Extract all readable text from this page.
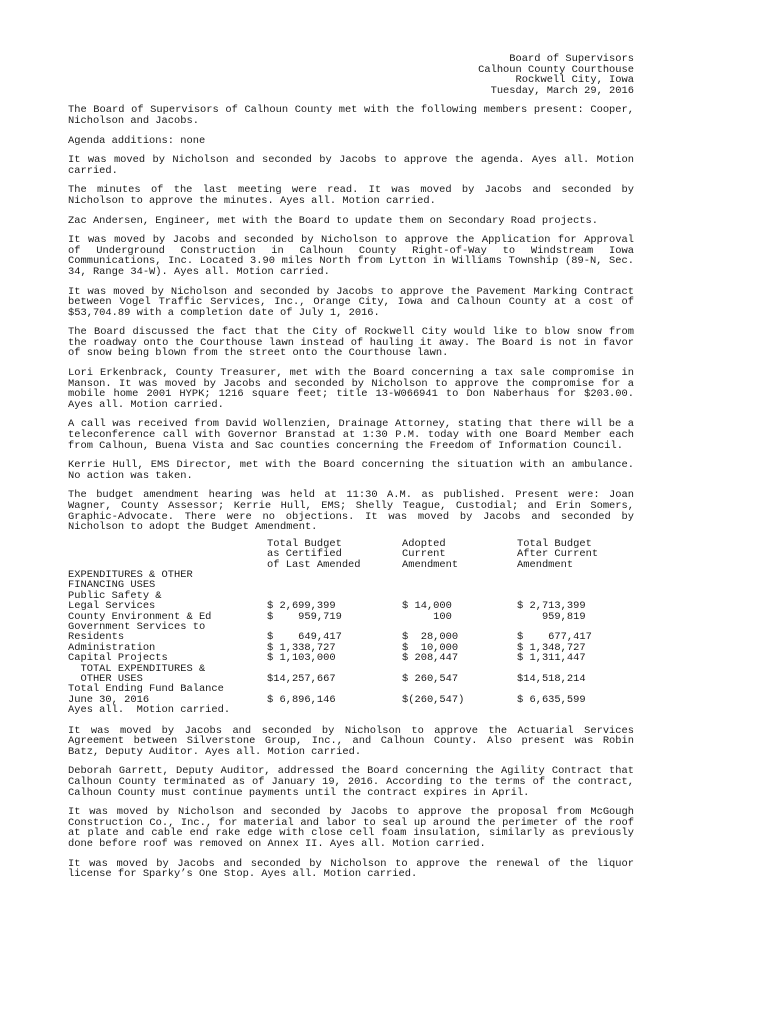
Board of Supervisors
Calhoun County Courthouse
Rockwell City, Iowa
Tuesday, March 29, 2016

The Board of Supervisors of Calhoun County met with the following members present: Cooper, Nicholson and Jacobs.

Agenda additions: none

It was moved by Nicholson and seconded by Jacobs to approve the agenda. Ayes all. Motion carried.

The minutes of the last meeting were read. It was moved by Jacobs and seconded by Nicholson to approve the minutes. Ayes all. Motion carried.

Zac Andersen, Engineer, met with the Board to update them on Secondary Road projects.

It was moved by Jacobs and seconded by Nicholson to approve the Application for Approval of Underground Construction in Calhoun County Right-of-Way to Windstream Iowa Communications, Inc. Located 3.90 miles North from Lytton in Williams Township (89-N, Sec. 34, Range 34-W). Ayes all. Motion carried.

It was moved by Nicholson and seconded by Jacobs to approve the Pavement Marking Contract between Vogel Traffic Services, Inc., Orange City, Iowa and Calhoun County at a cost of $53,704.89 with a completion date of July 1, 2016.

The Board discussed the fact that the City of Rockwell City would like to blow snow from the roadway onto the Courthouse lawn instead of hauling it away. The Board is not in favor of snow being blown from the street onto the Courthouse lawn.

Lori Erkenbrack, County Treasurer, met with the Board concerning a tax sale compromise in Manson. It was moved by Jacobs and seconded by Nicholson to approve the compromise for a mobile home 2001 HYPK; 1216 square feet; title 13-W066941 to Don Naberhaus for $203.00. Ayes all. Motion carried.

A call was received from David Wollenzien, Drainage Attorney, stating that there will be a teleconference call with Governor Branstad at 1:30 P.M. today with one Board Member each from Calhoun, Buena Vista and Sac counties concerning the Freedom of Information Council.

Kerrie Hull, EMS Director, met with the Board concerning the situation with an ambulance. No action was taken.

The budget amendment hearing was held at 11:30 A.M. as published. Present were: Joan Wagner, County Assessor; Kerrie Hull, EMS; Shelly Teague, Custodial; and Erin Somers, Graphic-Advocate. There were no objections. It was moved by Jacobs and seconded by Nicholson to adopt the Budget Amendment.

	Total Budget	Adopted	Total Budget
	as Certified	Current	After Current
	of Last Amended	Amendment	Amendment
EXPENDITURES & OTHER			
FINANCING USES			
Public Safety &			
Legal Services	$ 2,699,399	$ 14,000	$ 2,713,399
County Environment & Ed	$    959,719	100	959,819
Government Services to			
Residents	$    649,417	$  28,000	$    677,417
Administration	$ 1,338,727	$  10,000	$ 1,348,727
Capital Projects	$ 1,103,000	$ 208,447	$ 1,311,447
TOTAL EXPENDITURES &			
OTHER USES	$14,257,667	$ 260,547	$14,518,214
Total Ending Fund Balance			
June 30, 2016	$ 6,896,146	$(260,547)	$ 6,635,599
Ayes all.  Motion carried.			

It was moved by Jacobs and seconded by Nicholson to approve the Actuarial Services Agreement between Silverstone Group, Inc., and Calhoun County. Also present was Robin Batz, Deputy Auditor. Ayes all. Motion carried.

Deborah Garrett, Deputy Auditor, addressed the Board concerning the Agility Contract that Calhoun County terminated as of January 19, 2016. According to the terms of the contract, Calhoun County must continue payments until the contract expires in April.

It was moved by Nicholson and seconded by Jacobs to approve the proposal from McGough Construction Co., Inc., for material and labor to seal up around the perimeter of the roof at plate and cable end rake edge with close cell foam insulation, similarly as previously done before roof was removed on Annex II. Ayes all. Motion carried.

It was moved by Jacobs and seconded by Nicholson to approve the renewal of the liquor license for Sparky’s One Stop. Ayes all. Motion carried.
